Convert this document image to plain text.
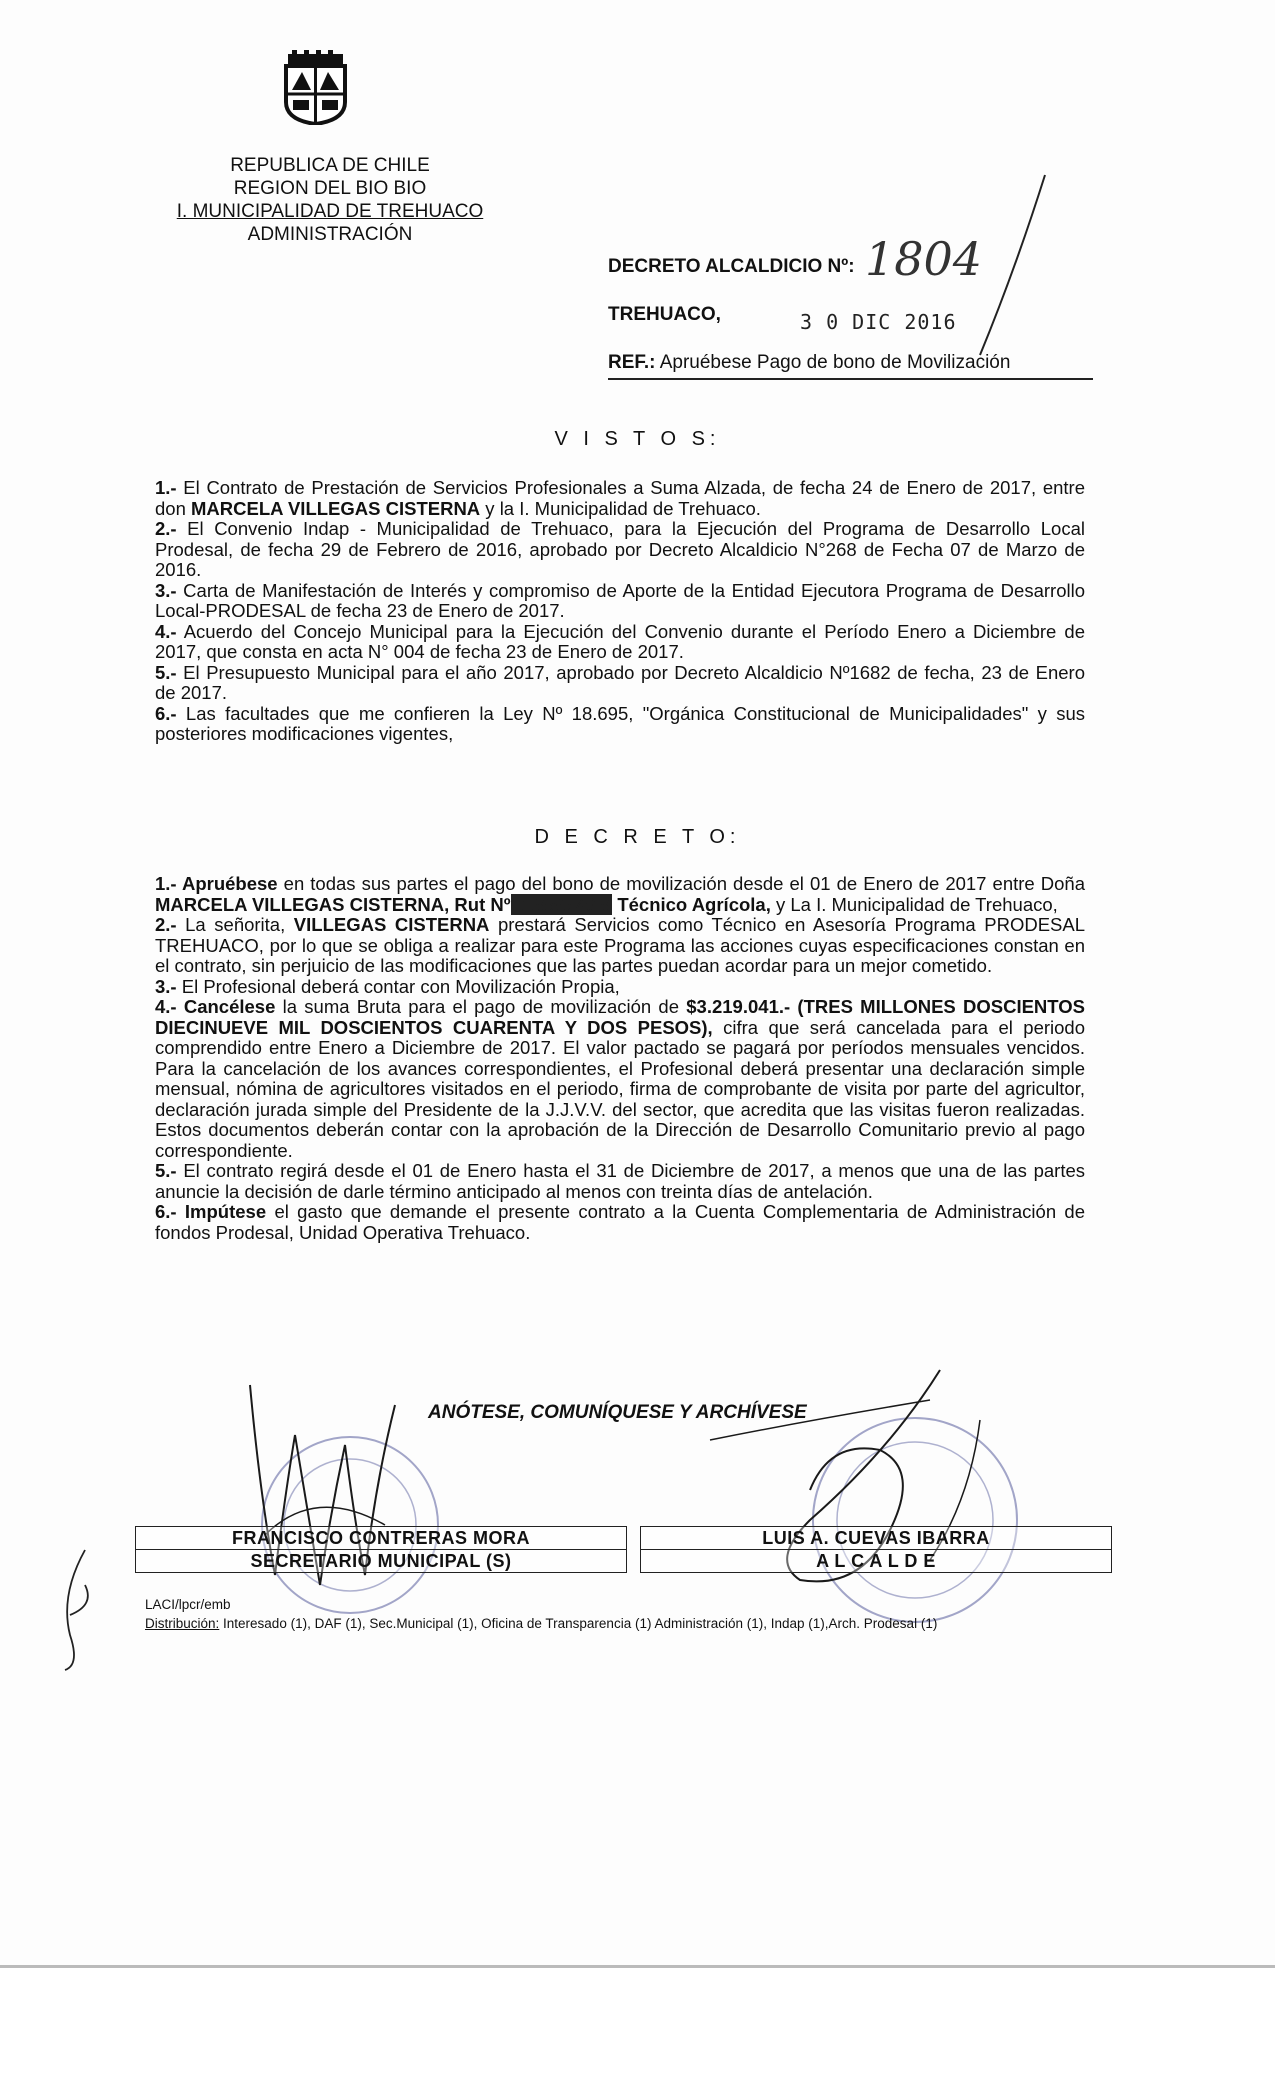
REPUBLICA DE CHILE
REGION DEL BIO BIO
I. MUNICIPALIDAD DE TREHUACO
ADMINISTRACIÓN
DECRETO ALCALDICIO Nº: 1804
TREHUACO,	3 0 DIC 2016
REF.: Apruébese Pago de bono de Movilización
V I S T O S:

1.- El Contrato de Prestación de Servicios Profesionales a Suma Alzada, de fecha 24 de Enero de 2017, entre don MARCELA VILLEGAS CISTERNA y la I. Municipalidad de Trehuaco.

2.- El Convenio Indap - Municipalidad de Trehuaco, para la Ejecución del Programa de Desarrollo Local Prodesal, de fecha 29 de Febrero de 2016, aprobado por Decreto Alcaldicio N°268 de Fecha 07 de Marzo de 2016.

3.- Carta de Manifestación de Interés y compromiso de Aporte de la Entidad Ejecutora Programa de Desarrollo Local-PRODESAL de fecha 23 de Enero de 2017.

4.- Acuerdo del Concejo Municipal para la Ejecución del Convenio durante el Período Enero a Diciembre de 2017, que consta en acta N° 004 de fecha 23 de Enero de 2017.

5.- El Presupuesto Municipal para el año 2017, aprobado por Decreto Alcaldicio Nº1682 de fecha, 23 de Enero de 2017.

6.- Las facultades que me confieren la Ley Nº 18.695, "Orgánica Constitucional de Municipalidades" y sus posteriores modificaciones vigentes,

D E C R E T O:

1.- Apruébese en todas sus partes el pago del bono de movilización desde el 01 de Enero de 2017 entre Doña MARCELA VILLEGAS CISTERNA, Rut Nº 11.956.549-9 Técnico Agrícola, y La I. Municipalidad de Trehuaco,

2.- La señorita, VILLEGAS CISTERNA prestará Servicios como Técnico en Asesoría Programa PRODESAL TREHUACO, por lo que se obliga a realizar para este Programa las acciones cuyas especificaciones constan en el contrato, sin perjuicio de las modificaciones que las partes puedan acordar para un mejor cometido.

3.- El Profesional deberá contar con Movilización Propia,

4.- Cancélese la suma Bruta para el pago de movilización de $3.219.041.- (TRES MILLONES DOSCIENTOS DIECINUEVE MIL DOSCIENTOS CUARENTA Y DOS PESOS), cifra que será cancelada para el periodo comprendido entre Enero a Diciembre de 2017. El valor pactado se pagará por períodos mensuales vencidos. Para la cancelación de los avances correspondientes, el Profesional deberá presentar una declaración simple mensual, nómina de agricultores visitados en el periodo, firma de comprobante de visita por parte del agricultor, declaración jurada simple del Presidente de la J.J.V.V. del sector, que acredita que las visitas fueron realizadas. Estos documentos deberán contar con la aprobación de la Dirección de Desarrollo Comunitario previo al pago correspondiente.

5.- El contrato regirá desde el 01 de Enero hasta el 31 de Diciembre de 2017, a menos que una de las partes anuncie la decisión de darle término anticipado al menos con treinta días de antelación.

6.- Impútese el gasto que demande el presente contrato a la Cuenta Complementaria de Administración de fondos Prodesal, Unidad Operativa Trehuaco.

ANÓTESE, COMUNÍQUESE Y ARCHÍVESE
FRANCISCO CONTRERAS MORA
SECRETARIO MUNICIPAL (S)
LUIS A. CUEVAS IBARRA
A L C A L D E
LACI/lpcr/emb
Distribución: Interesado (1), DAF (1), Sec.Municipal (1), Oficina de Transparencia (1) Administración (1), Indap (1),Arch. Prodesal (1)
